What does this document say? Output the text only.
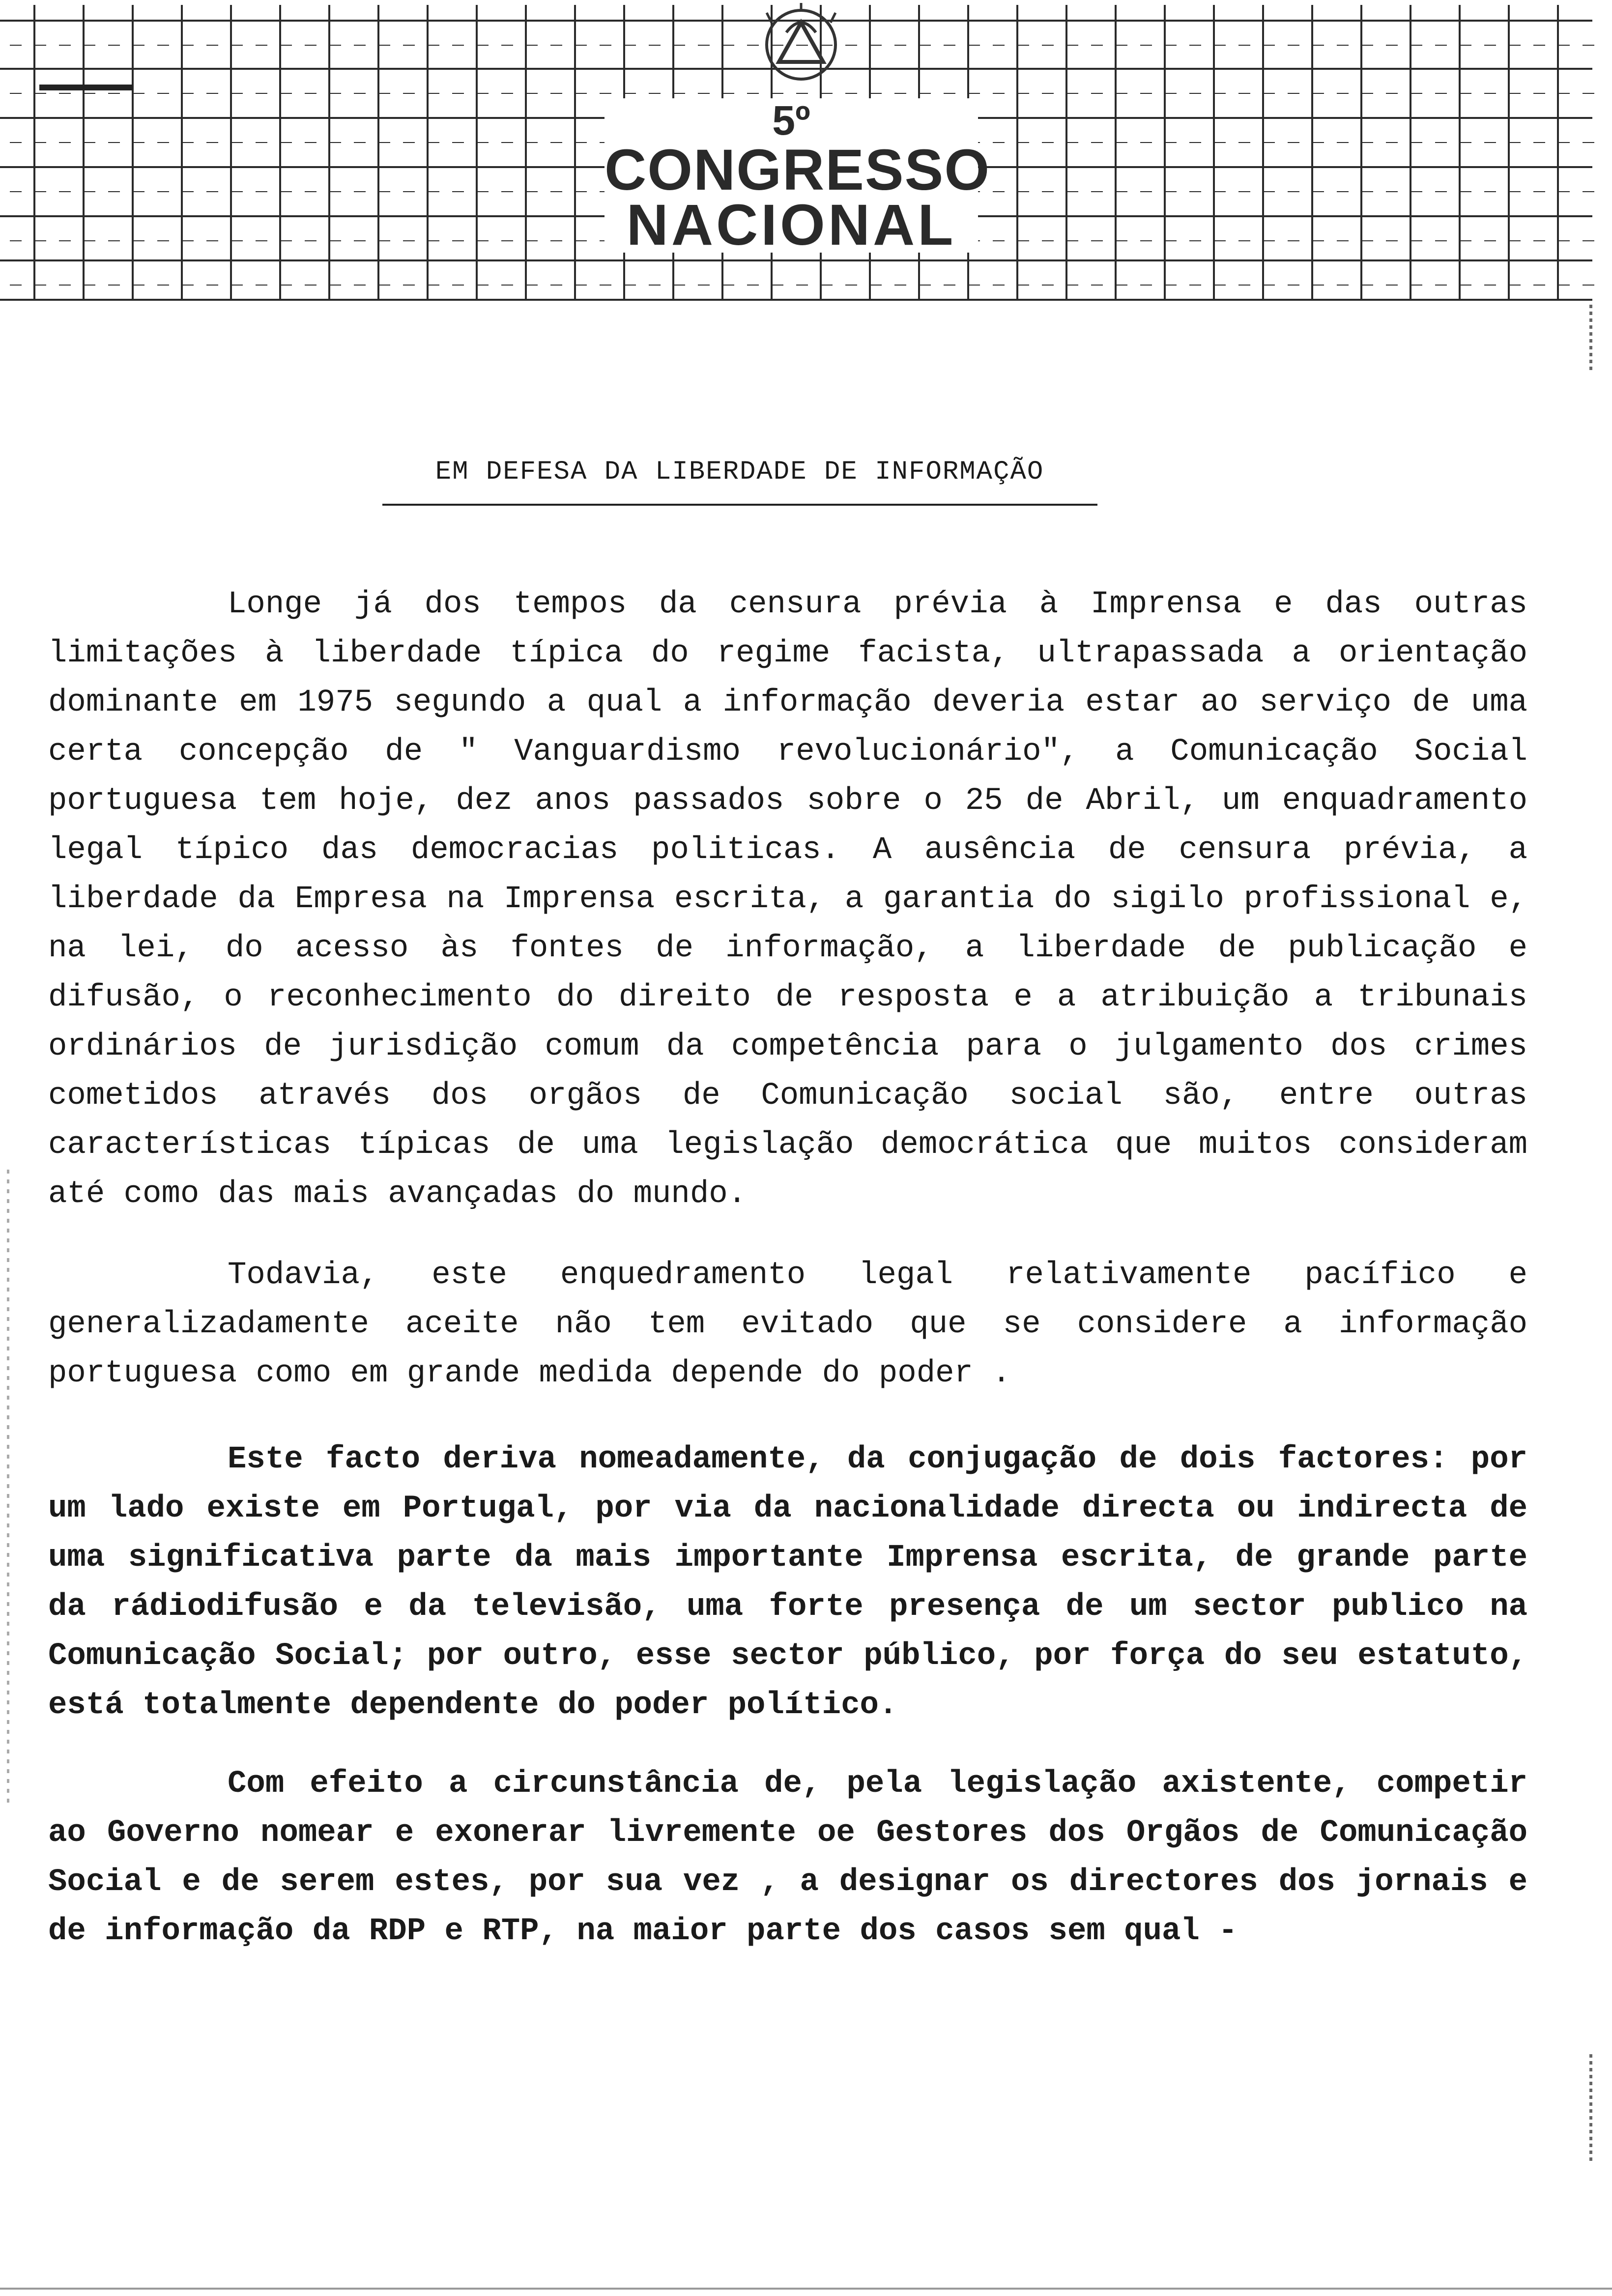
5º
CONGRESSO
NACIONAL
EM DEFESA DA LIBERDADE DE INFORMAÇÃO

Longe já dos tempos da censura prévia à Imprensa e das outras limitações à liberdade típica do regime facista, ultrapassada a orientação dominante em 1975 segundo a qual a informação deveria estar ao serviço de uma certa concepção de " Vanguardismo revolucionário", a Comunicação Social portuguesa tem hoje, dez anos passados sobre o 25 de Abril, um enquadramento legal típico das democracias politicas. A ausência de censura prévia, a liberdade da Empresa na Imprensa escrita, a garantia do sigilo profissional e, na lei, do acesso às fontes de informação, a liberdade de publicação e difusão, o reconhecimento do direito de resposta e a atribuição a tribunais ordinários de jurisdição comum da competência para o julgamento dos crimes cometidos através dos orgãos de Comunicação social são, entre outras características típicas de uma legislação democrática que muitos consideram até como das mais avançadas do mundo.

Todavia, este enquedramento legal relativamente pacífico e generalizadamente aceite não tem evitado que se considere a informação portuguesa como em grande medida depende do poder .

Este facto deriva nomeadamente, da conjugação de dois factores: por um lado existe em Portugal, por via da nacionalidade directa ou indirecta de uma significativa parte da mais importante Imprensa escrita, de grande parte da rádiodifusão e da televisão, uma forte presença de um sector publico na Comunicação Social; por outro, esse sector público, por força do seu estatuto, está totalmente dependente do poder político.

Com efeito a circunstância de, pela legislação axistente, competir ao Governo nomear e exonerar livremente oe Gestores dos Orgãos de Comunicação Social e de serem estes, por sua vez , a designar os directores dos jornais e de informação da RDP e RTP, na maior parte dos casos sem qual -
